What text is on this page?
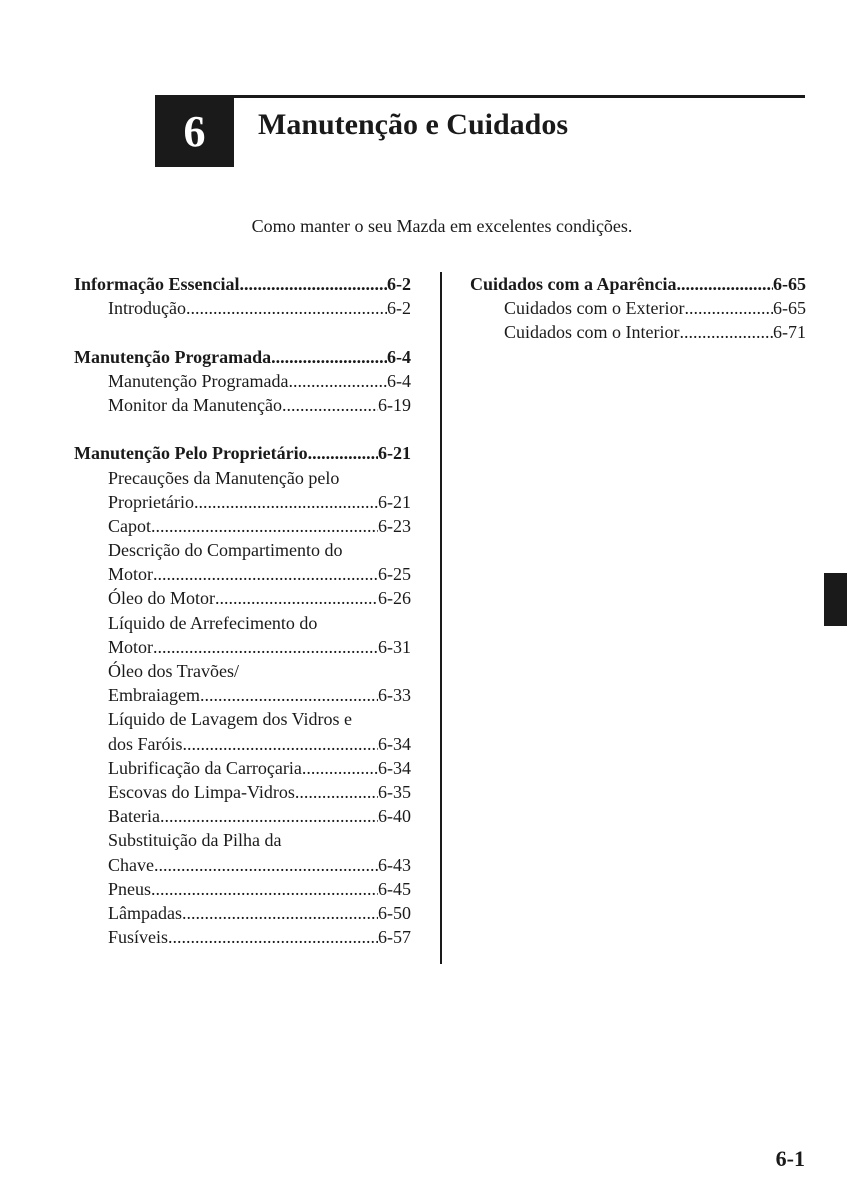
6 Manutenção e Cuidados
Como manter o seu Mazda em excelentes condições.
Informação Essencial .....	6-2
Introdução .....	6-2
Manutenção Programada .....	6-4
Manutenção Programada .....	6-4
Monitor da Manutenção .....	6-19
Manutenção Pelo Proprietário .....	6-21
Precauções da Manutenção pelo
Proprietário .....	6-21
Capot .....	6-23
Descrição do Compartimento do
Motor .....	6-25
Óleo do Motor .....	6-26
Líquido de Arrefecimento do
Motor .....	6-31
Óleo dos Travões/
Embraiagem .....	6-33
Líquido de Lavagem dos Vidros e
dos Faróis .....	6-34
Lubrificação da Carroçaria .....	6-34
Escovas do Limpa-Vidros .....	6-35
Bateria .....	6-40
Substituição da Pilha da
Chave .....	6-43
Pneus .....	6-45
Lâmpadas .....	6-50
Fusíveis .....	6-57
Cuidados com a Aparência .....	6-65
Cuidados com o Exterior .....	6-65
Cuidados com o Interior .....	6-71
6-1
